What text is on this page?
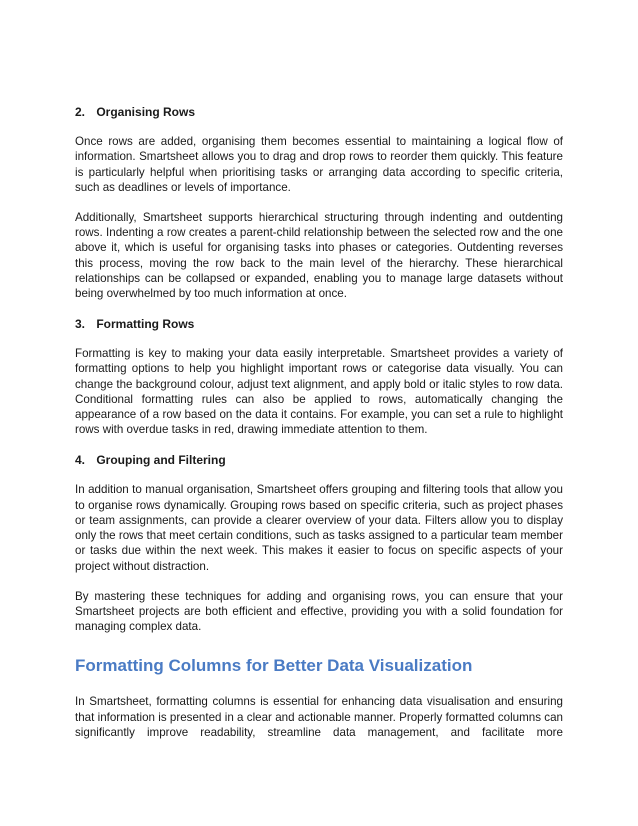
2. Organising Rows

Once rows are added, organising them becomes essential to maintaining a logical flow of information. Smartsheet allows you to drag and drop rows to reorder them quickly. This feature is particularly helpful when prioritising tasks or arranging data according to specific criteria, such as deadlines or levels of importance.

Additionally, Smartsheet supports hierarchical structuring through indenting and outdenting rows. Indenting a row creates a parent-child relationship between the selected row and the one above it, which is useful for organising tasks into phases or categories. Outdenting reverses this process, moving the row back to the main level of the hierarchy. These hierarchical relationships can be collapsed or expanded, enabling you to manage large datasets without being overwhelmed by too much information at once.

3. Formatting Rows

Formatting is key to making your data easily interpretable. Smartsheet provides a variety of formatting options to help you highlight important rows or categorise data visually. You can change the background colour, adjust text alignment, and apply bold or italic styles to row data. Conditional formatting rules can also be applied to rows, automatically changing the appearance of a row based on the data it contains. For example, you can set a rule to highlight rows with overdue tasks in red, drawing immediate attention to them.

4. Grouping and Filtering

In addition to manual organisation, Smartsheet offers grouping and filtering tools that allow you to organise rows dynamically. Grouping rows based on specific criteria, such as project phases or team assignments, can provide a clearer overview of your data. Filters allow you to display only the rows that meet certain conditions, such as tasks assigned to a particular team member or tasks due within the next week. This makes it easier to focus on specific aspects of your project without distraction.

By mastering these techniques for adding and organising rows, you can ensure that your Smartsheet projects are both efficient and effective, providing you with a solid foundation for managing complex data.

Formatting Columns for Better Data Visualization

In Smartsheet, formatting columns is essential for enhancing data visualisation and ensuring that information is presented in a clear and actionable manner. Properly formatted columns can significantly improve readability, streamline data management, and facilitate more
